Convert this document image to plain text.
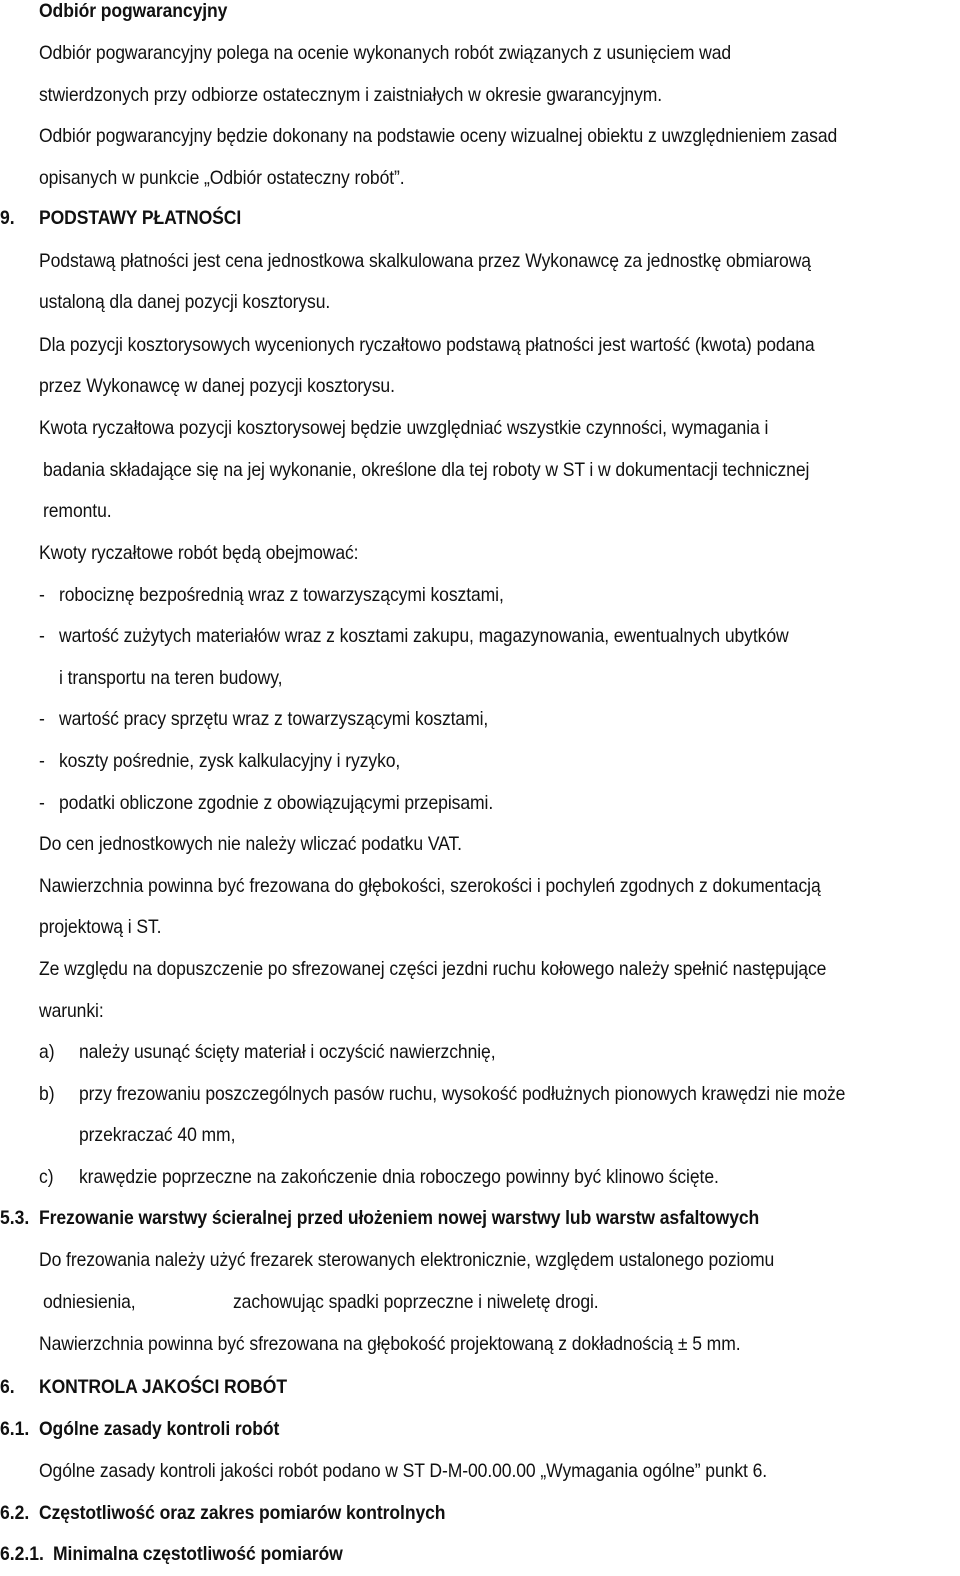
Odbiór pogwarancyjny
Odbiór pogwarancyjny polega na ocenie wykonanych robót związanych z usunięciem wad
stwierdzonych przy odbiorze ostatecznym i zaistniałych w okresie gwarancyjnym.
Odbiór pogwarancyjny będzie dokonany na podstawie oceny wizualnej obiektu z uwzględnieniem zasad
opisanych w punkcie „Odbiór ostateczny robót”.
9. PODSTAWY PŁATNOŚCI
Podstawą płatności jest cena jednostkowa skalkulowana przez Wykonawcę za jednostkę obmiarową
ustaloną dla danej pozycji kosztorysu.
Dla pozycji kosztorysowych wycenionych ryczałtowo podstawą płatności jest wartość (kwota) podana
przez Wykonawcę w danej pozycji kosztorysu.
Kwota ryczałtowa pozycji kosztorysowej będzie uwzględniać wszystkie czynności, wymagania i
badania składające się na jej wykonanie, określone dla tej roboty w ST i w dokumentacji technicznej
remontu.
Kwoty ryczałtowe robót będą obejmować:
- robociznę bezpośrednią wraz z towarzyszącymi kosztami,
- wartość zużytych materiałów wraz z kosztami zakupu, magazynowania, ewentualnych ubytków
i transportu na teren budowy,
- wartość pracy sprzętu wraz z towarzyszącymi kosztami,
- koszty pośrednie, zysk kalkulacyjny i ryzyko,
- podatki obliczone zgodnie z obowiązującymi przepisami.
Do cen jednostkowych nie należy wliczać podatku VAT.
Nawierzchnia powinna być frezowana do głębokości, szerokości i pochyleń zgodnych z dokumentacją
projektową i ST.
Ze względu na dopuszczenie po sfrezowanej części jezdni ruchu kołowego należy spełnić następujące
warunki:
a) należy usunąć ścięty materiał i oczyścić nawierzchnię,
b) przy frezowaniu poszczególnych pasów ruchu, wysokość podłużnych pionowych krawędzi nie może
przekraczać 40 mm,
c) krawędzie poprzeczne na zakończenie dnia roboczego powinny być klinowo ścięte.
5.3. Frezowanie warstwy ścieralnej przed ułożeniem nowej warstwy lub warstw asfaltowych
Do frezowania należy użyć frezarek sterowanych elektronicznie, względem ustalonego poziomu
odniesienia,	zachowując spadki poprzeczne i niweletę drogi.
Nawierzchnia powinna być sfrezowana na głębokość projektowaną z dokładnością ± 5 mm.
6. KONTROLA JAKOŚCI ROBÓT
6.1. Ogólne zasady kontroli robót
Ogólne zasady kontroli jakości robót podano w ST D-M-00.00.00 „Wymagania ogólne” punkt 6.
6.2. Częstotliwość oraz zakres pomiarów kontrolnych
6.2.1. Minimalna częstotliwość pomiarów
